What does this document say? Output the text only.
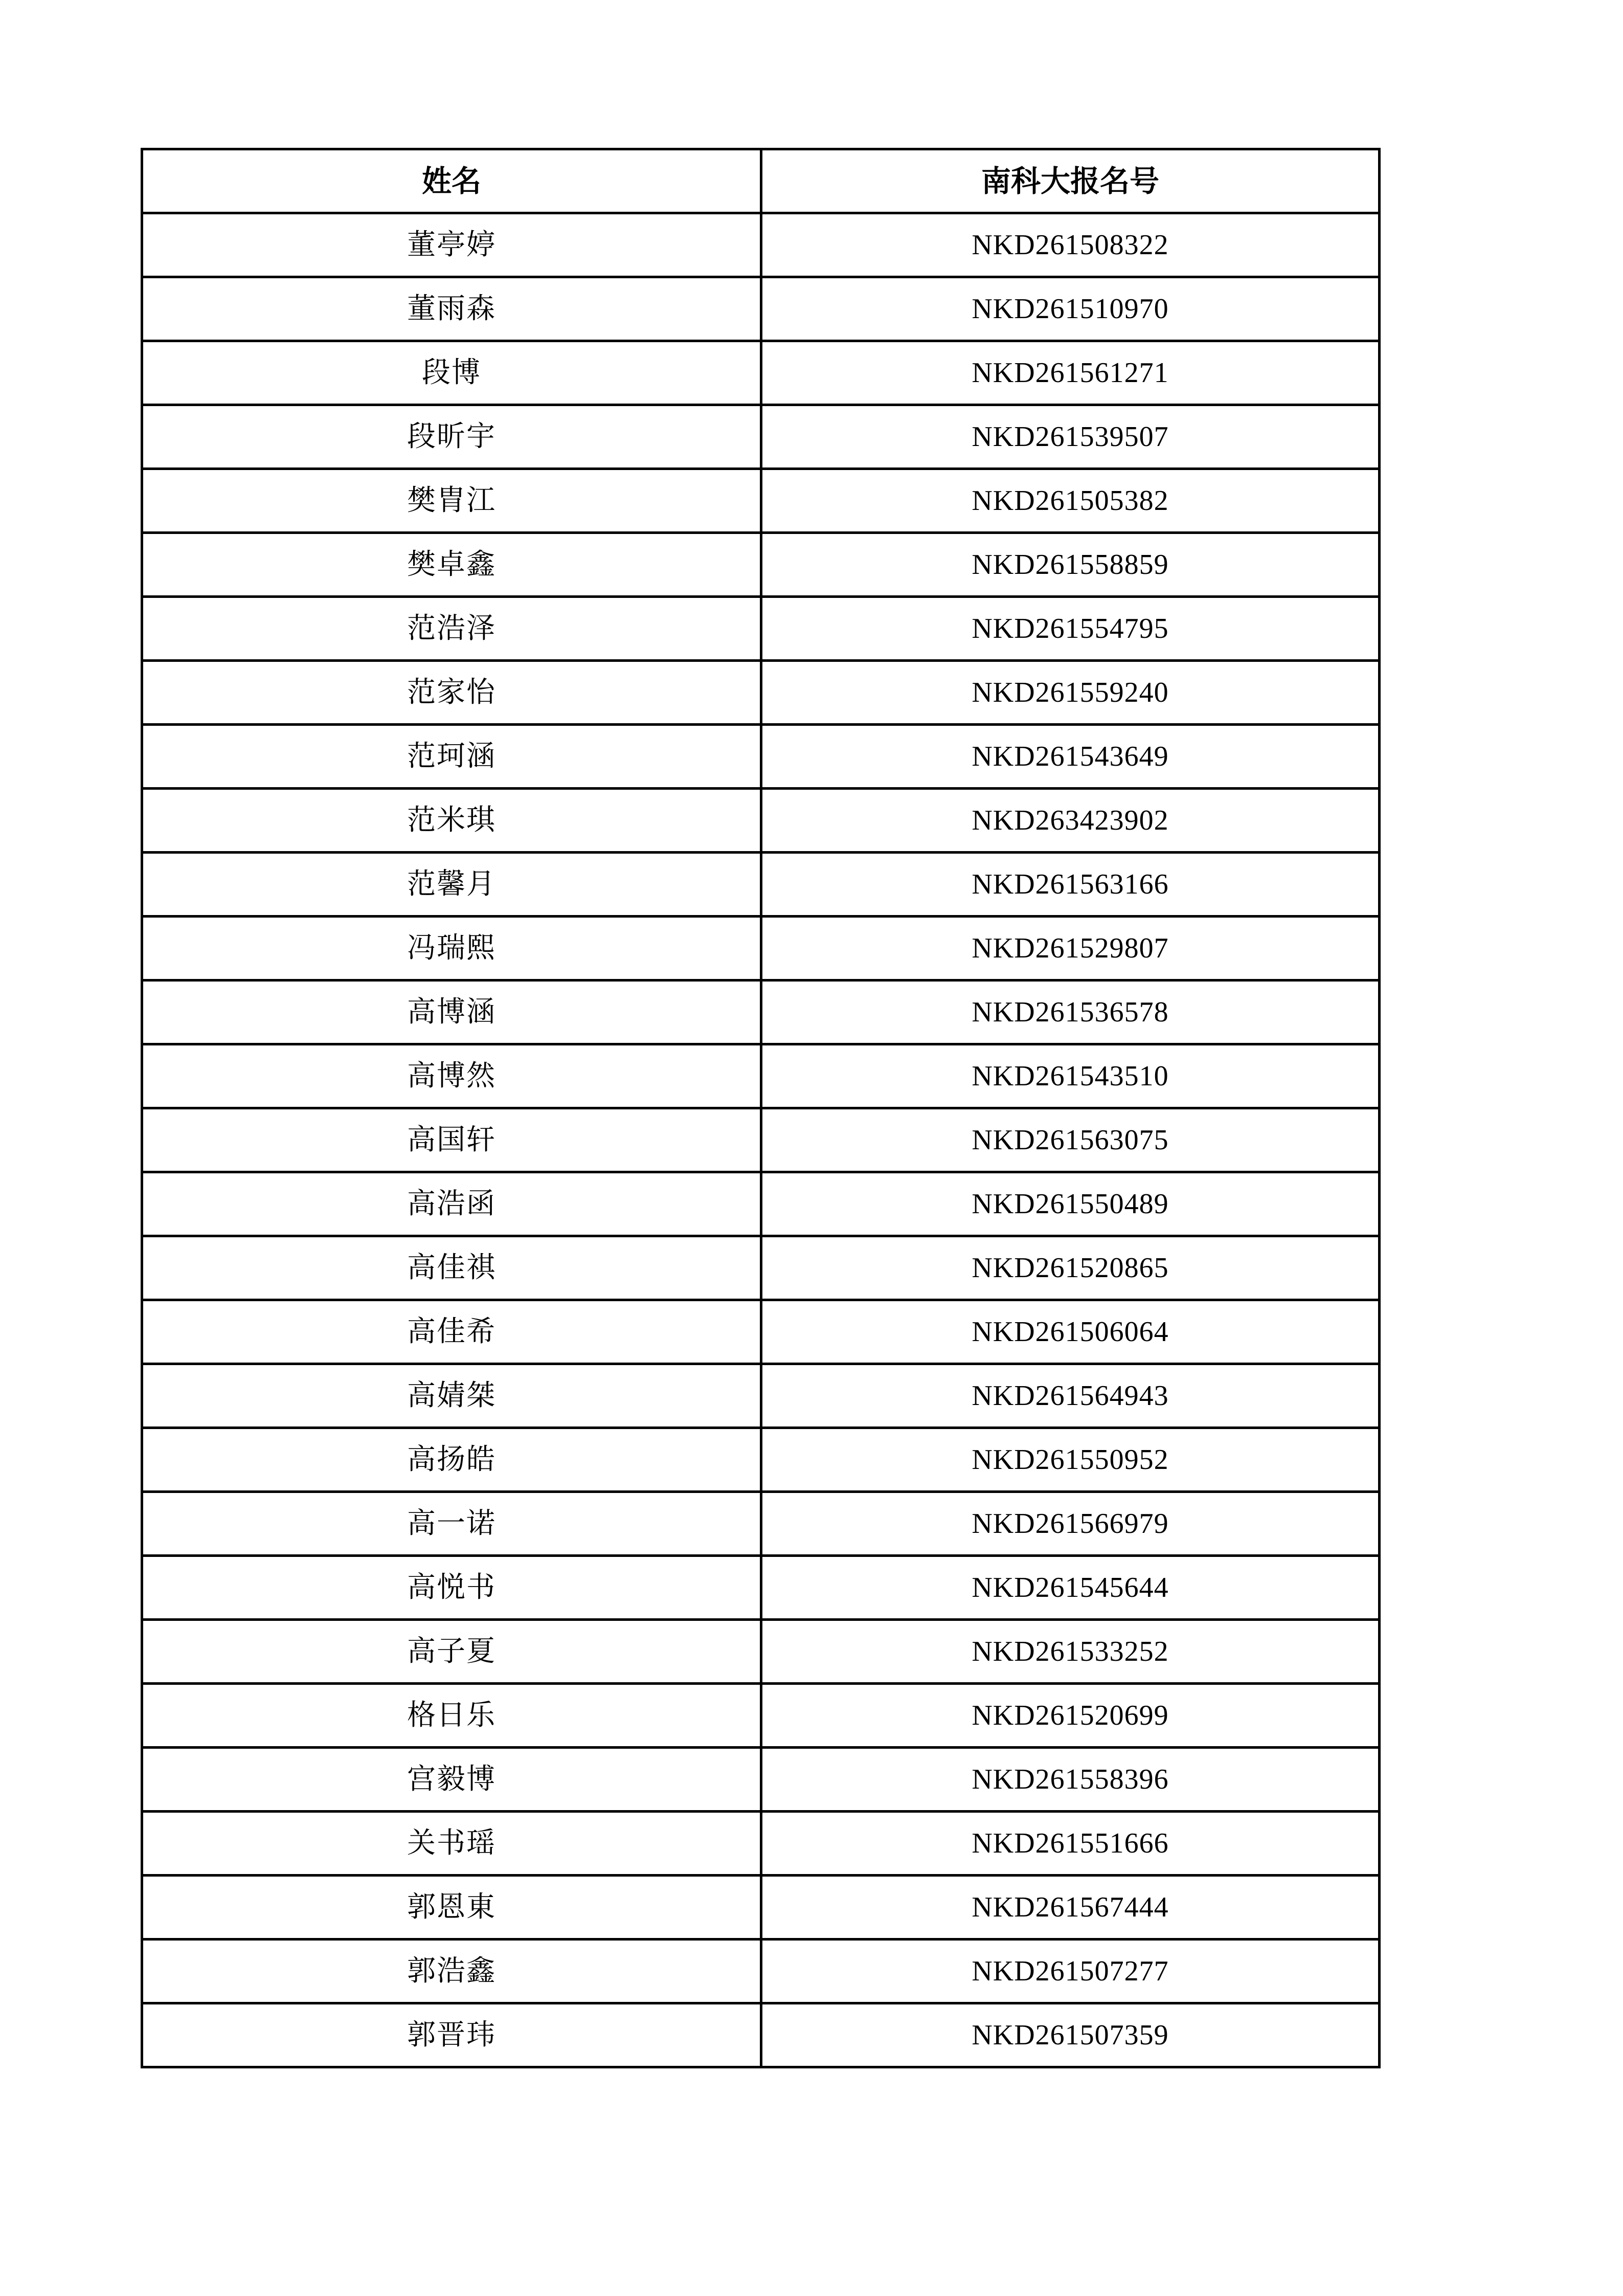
姓名	南科大报名号
董亭婷	NKD261508322
董雨森	NKD261510970
段博	NKD261561271
段昕宇	NKD261539507
樊胄江	NKD261505382
樊卓鑫	NKD261558859
范浩泽	NKD261554795
范家怡	NKD261559240
范珂涵	NKD261543649
范米琪	NKD263423902
范馨月	NKD261563166
冯瑞熙	NKD261529807
高博涵	NKD261536578
高博然	NKD261543510
高国轩	NKD261563075
高浩函	NKD261550489
高佳祺	NKD261520865
高佳希	NKD261506064
高婧桀	NKD261564943
高扬皓	NKD261550952
高一诺	NKD261566979
高悦书	NKD261545644
高子夏	NKD261533252
格日乐	NKD261520699
宫毅博	NKD261558396
关书瑶	NKD261551666
郭恩東	NKD261567444
郭浩鑫	NKD261507277
郭晋玮	NKD261507359
